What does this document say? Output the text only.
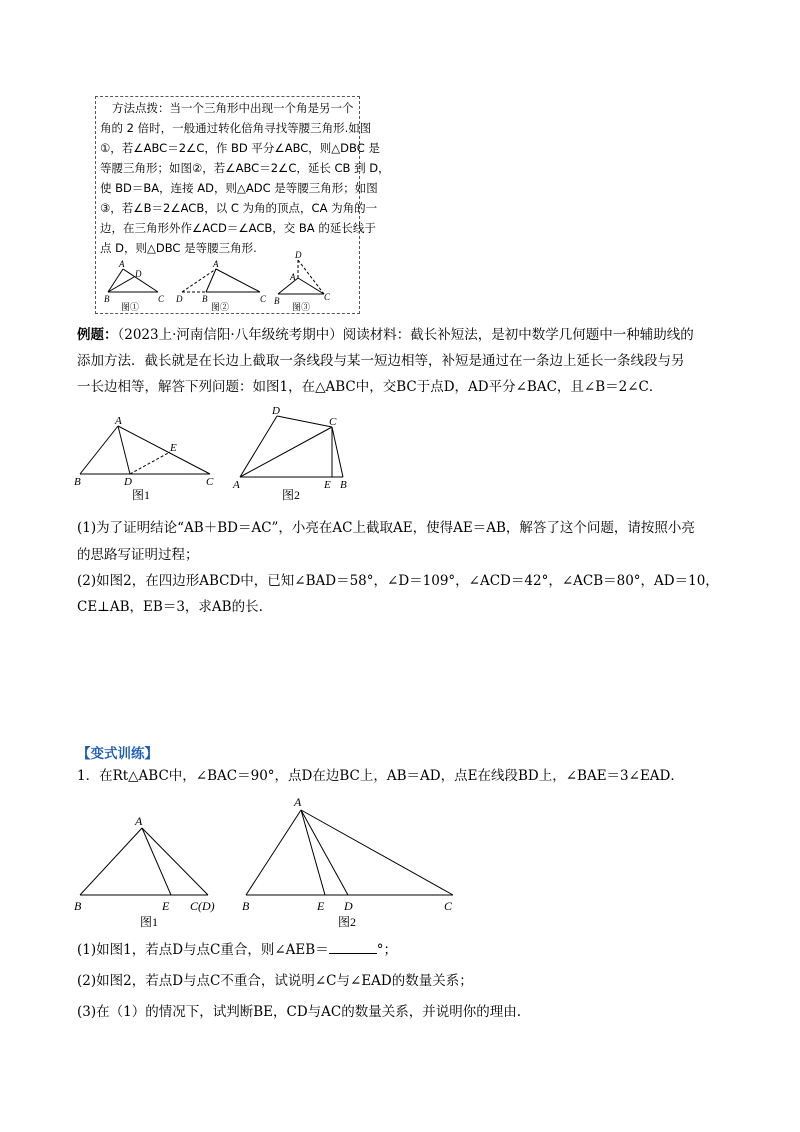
方法点拨：当一个三角形中出现一个角是另一个
角的 2 倍时，一般通过转化倍角寻找等腰三角形.如图
①，若∠ABC＝2∠C，作 BD 平分∠ABC，则△DBC 是
等腰三角形；如图②，若∠ABC＝2∠C，延长 CB 到 D，
使 BD＝BA，连接 AD，则△ADC 是等腰三角形；如图
③，若∠B＝2∠ACB，以 C 为角的顶点，CA 为角的一
边，在三角形外作∠ACD＝∠ACB，交 BA 的延长线于
点 D，则△DBC 是等腰三角形.
A
D
B	C
图①
A
D B	C
图②
D
A
B	C
图③
例题：（2023上·河南信阳·八年级统考期中）阅读材料：截长补短法，是初中数学几何题中一种辅助线的
添加方法．截长就是在长边上截取一条线段与某一短边相等，补短是通过在一条边上延长一条线段与另
一长边相等，解答下列问题：如图1，在△ABC中，交BC于点D，AD平分∠BAC，且∠B＝2∠C．
A
E
B	D	C
图1
D
C
A	E B
图2
(1)为了证明结论“AB＋BD＝AC”，小亮在AC上截取AE，使得AE＝AB，解答了这个问题，请按照小亮
的思路写证明过程；
(2)如图2，在四边形ABCD中，已知∠BAD＝58°，∠D＝109°，∠ACD＝42°，∠ACB＝80°，AD＝10，
CE⊥AB，EB＝3，求AB的长.
【变式训练】
1．在Rt△ABC中，∠BAC＝90°，点D在边BC上，AB＝AD，点E在线段BD上，∠BAE＝3∠EAD．
A
B	E C(D)
图1
A
B	E D	C
图2
(1)如图1，若点D与点C重合，则∠AEB＝	°；
(2)如图2，若点D与点C不重合，试说明∠C与∠EAD的数量关系；
(3)在（1）的情况下，试判断BE，CD与AC的数量关系，并说明你的理由.
